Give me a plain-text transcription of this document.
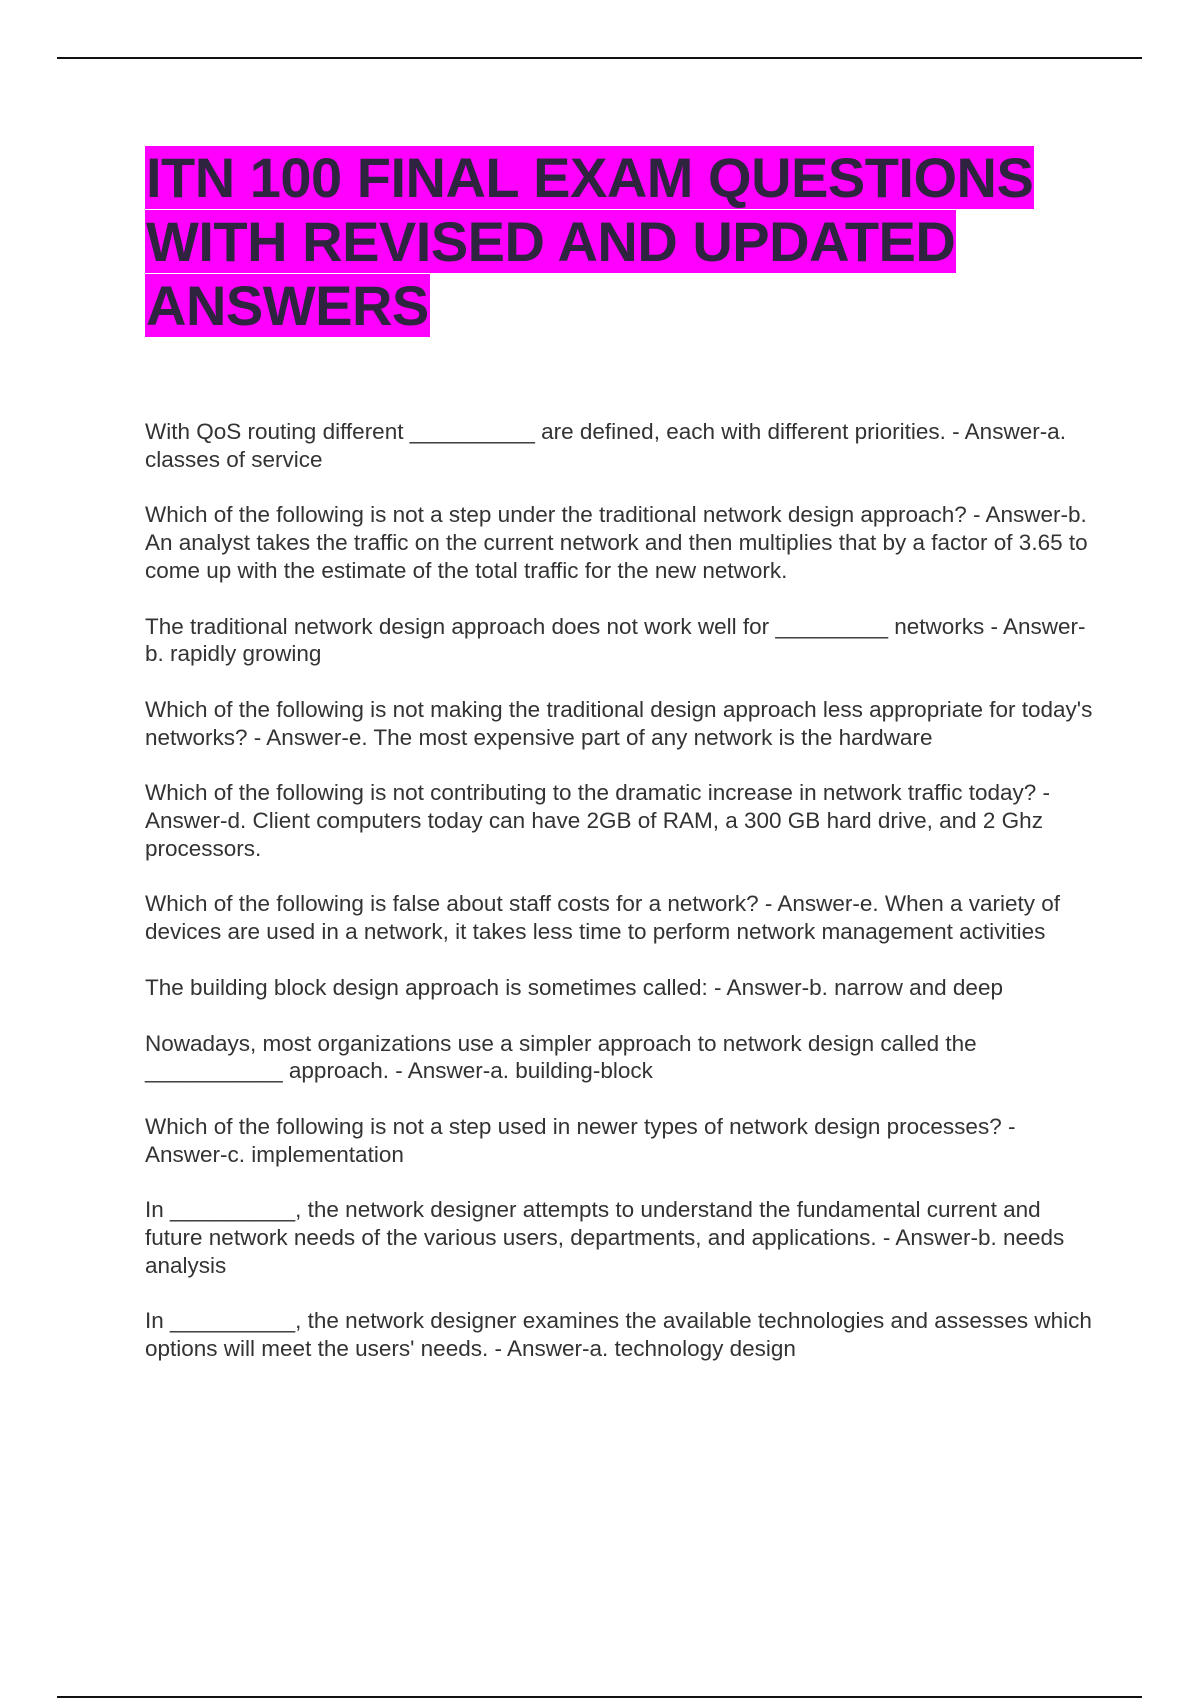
ITN 100 FINAL EXAM QUESTIONS WITH REVISED AND UPDATED ANSWERS

With QoS routing different __________ are defined, each with different priorities. - Answer-a. classes of service

Which of the following is not a step under the traditional network design approach? - Answer-b. An analyst takes the traffic on the current network and then multiplies that by a factor of 3.65 to come up with the estimate of the total traffic for the new network.

The traditional network design approach does not work well for _________ networks - Answer-b. rapidly growing

Which of the following is not making the traditional design approach less appropriate for today's networks? - Answer-e. The most expensive part of any network is the hardware

Which of the following is not contributing to the dramatic increase in network traffic today? - Answer-d. Client computers today can have 2GB of RAM, a 300 GB hard drive, and 2 Ghz processors.

Which of the following is false about staff costs for a network? - Answer-e. When a variety of devices are used in a network, it takes less time to perform network management activities

The building block design approach is sometimes called: - Answer-b. narrow and deep

Nowadays, most organizations use a simpler approach to network design called the ___________ approach. - Answer-a. building-block

Which of the following is not a step used in newer types of network design processes? - Answer-c. implementation

In __________, the network designer attempts to understand the fundamental current and future network needs of the various users, departments, and applications. - Answer-b. needs analysis

In __________, the network designer examines the available technologies and assesses which options will meet the users' needs. - Answer-a. technology design
